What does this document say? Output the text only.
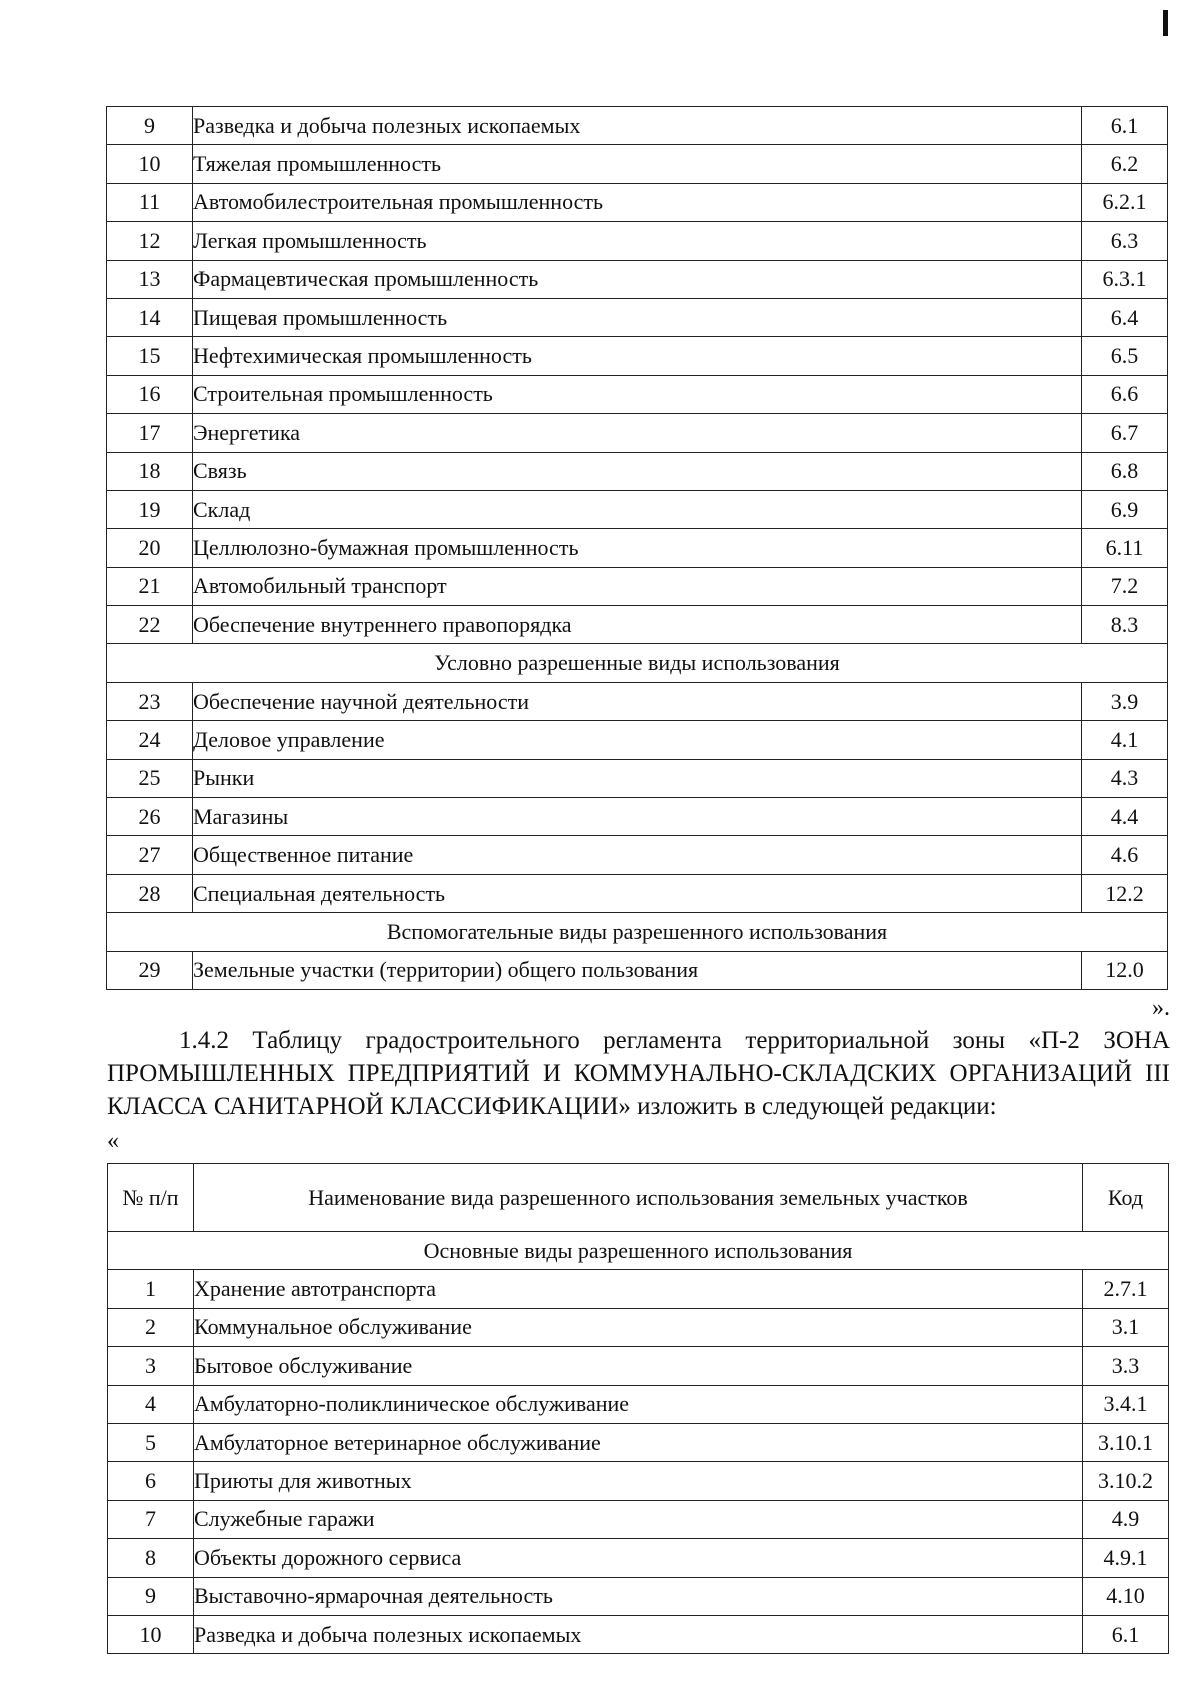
9	Разведка и добыча полезных ископаемых	6.1
10	Тяжелая промышленность	6.2
11	Автомобилестроительная промышленность	6.2.1
12	Легкая промышленность	6.3
13	Фармацевтическая промышленность	6.3.1
14	Пищевая промышленность	6.4
15	Нефтехимическая промышленность	6.5
16	Строительная промышленность	6.6
17	Энергетика	6.7
18	Связь	6.8
19	Склад	6.9
20	Целлюлозно-бумажная промышленность	6.11
21	Автомобильный транспорт	7.2
22	Обеспечение внутреннего правопорядка	8.3
Условно разрешенные виды использования		
23	Обеспечение научной деятельности	3.9
24	Деловое управление	4.1
25	Рынки	4.3
26	Магазины	4.4
27	Общественное питание	4.6
28	Специальная деятельность	12.2
Вспомогательные виды разрешенного использования		
29	Земельные участки (территории) общего пользования	12.0
».
1.4.2 Таблицу градостроительного регламента территориальной зоны «П-2 ЗОНА ПРОМЫШЛЕННЫХ ПРЕДПРИЯТИЙ И КОММУНАЛЬНО-СКЛАДСКИХ ОРГАНИЗАЦИЙ III КЛАССА САНИТАРНОЙ КЛАССИФИКАЦИИ» изложить в следующей редакции:
«
№ п/п	Наименование вида разрешенного использования земельных участков	Код
Основные виды разрешенного использования		
1	Хранение автотранспорта	2.7.1
2	Коммунальное обслуживание	3.1
3	Бытовое обслуживание	3.3
4	Амбулаторно-поликлиническое обслуживание	3.4.1
5	Амбулаторное ветеринарное обслуживание	3.10.1
6	Приюты для животных	3.10.2
7	Служебные гаражи	4.9
8	Объекты дорожного сервиса	4.9.1
9	Выставочно-ярмарочная деятельность	4.10
10	Разведка и добыча полезных ископаемых	6.1
